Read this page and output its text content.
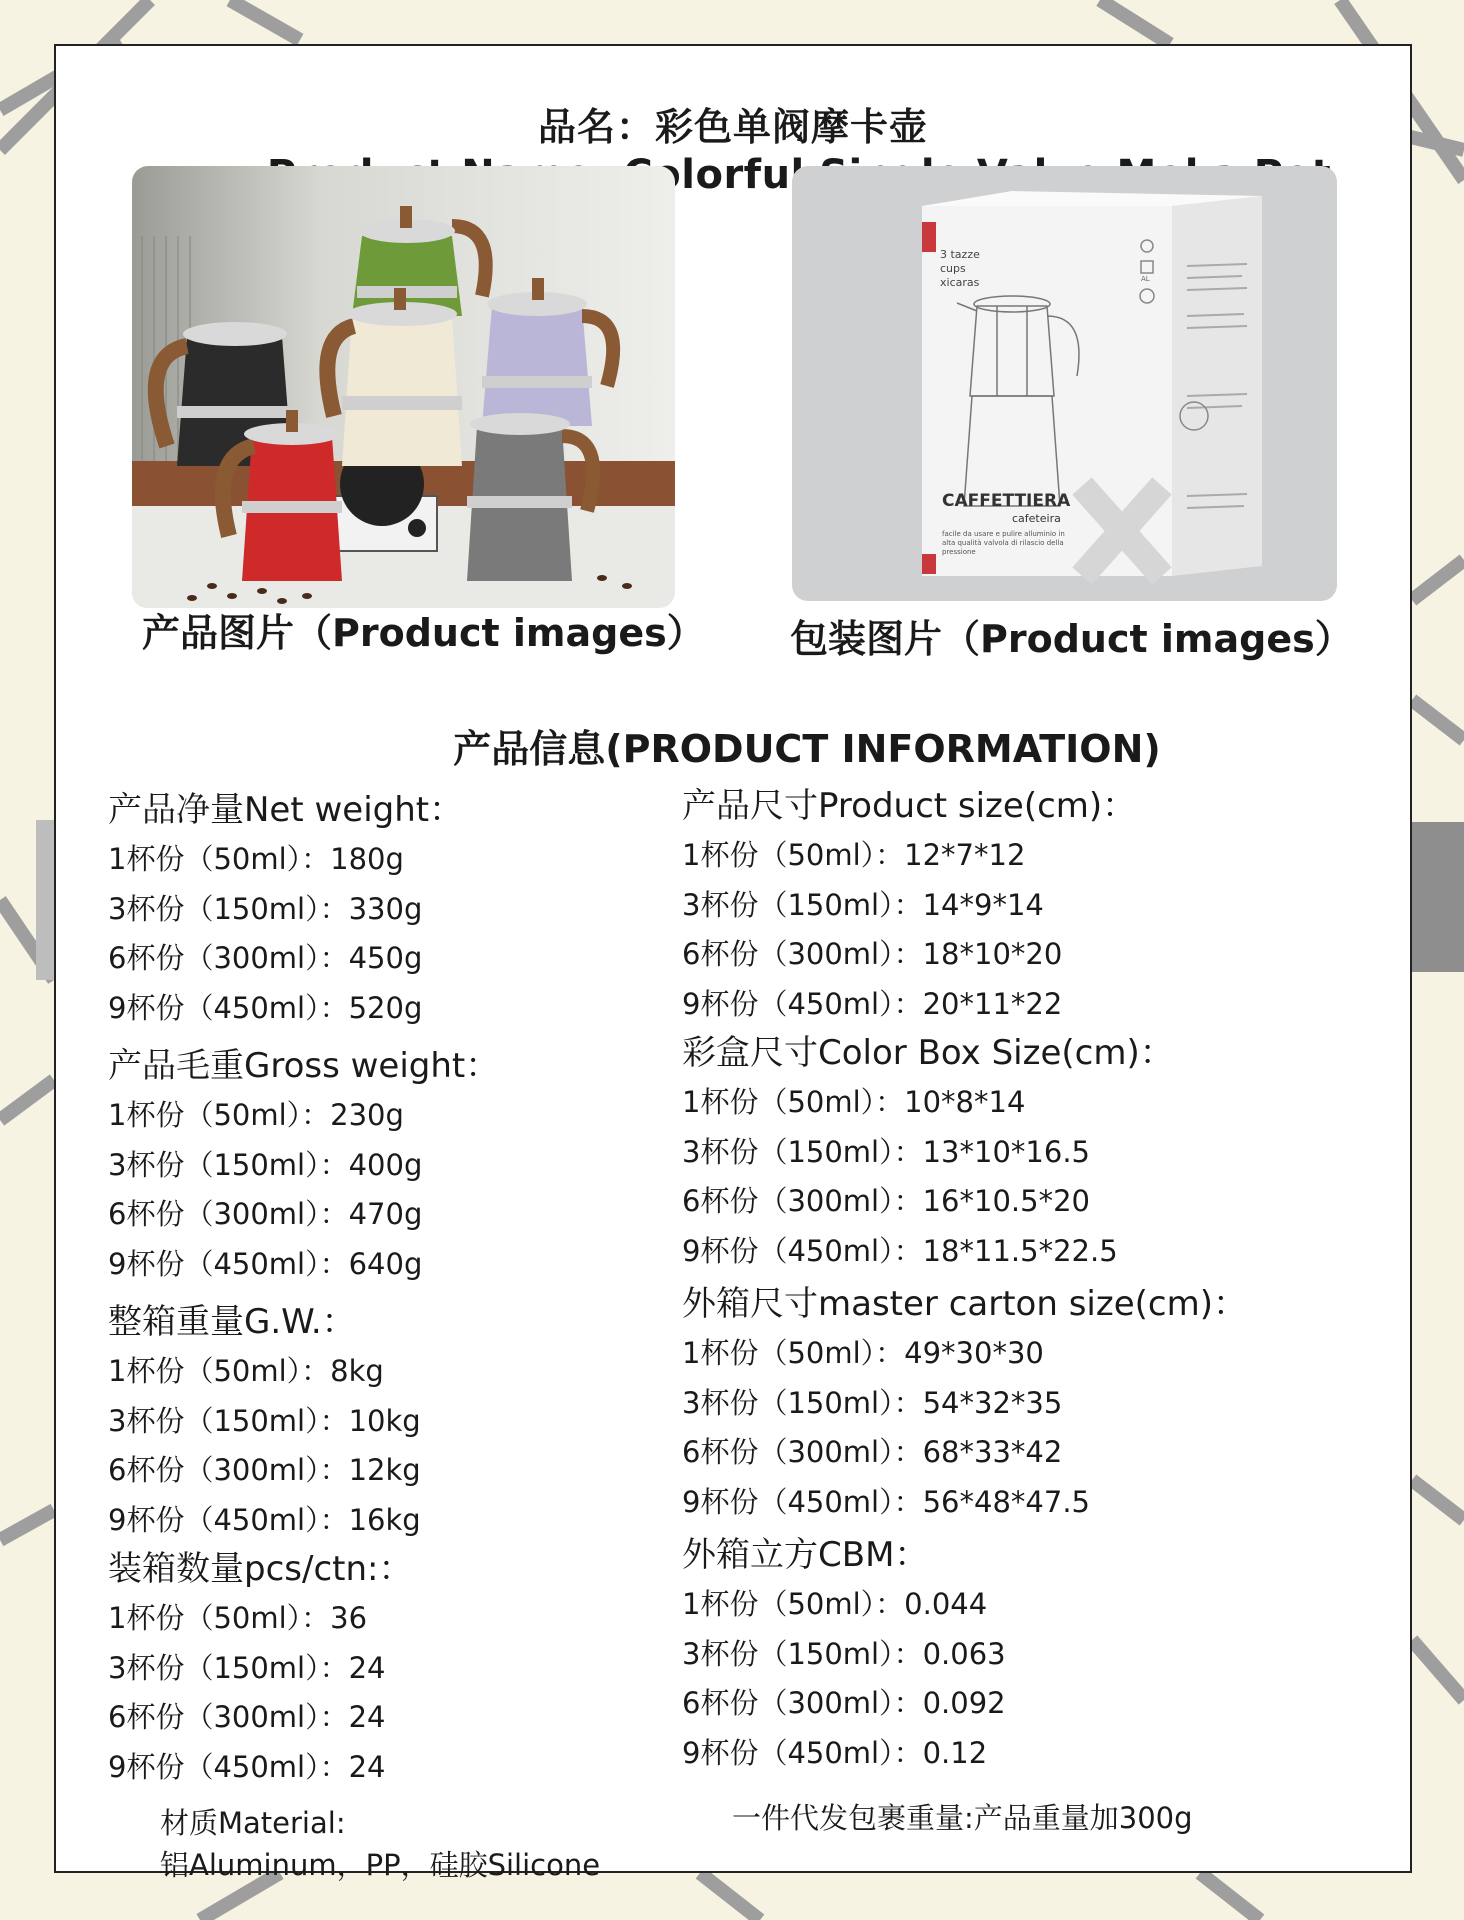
品名：彩色单阀摩卡壶
Colorful
3 tazze
cups
xicaras
CAFFETTIERA
cafeteira
facile da usare e pulire alluminio in
alta qualità valvola di rilascio della
pressione
AL
产品图片（Product images） 包装图片（Product images）
产品信息(PRODUCT INFORMATION)
产品净量Net weight：
1杯份（50ml）：180g
3杯份（150ml）：330g
6杯份（300ml）：450g
9杯份（450ml）：520g
产品毛重Gross weight：
1杯份（50ml）：230g
3杯份（150ml）：400g
6杯份（300ml）：470g
9杯份（450ml）：640g
整箱重量G.W.：
1杯份（50ml）：8kg
3杯份（150ml）：10kg
6杯份（300ml）：12kg
9杯份（450ml）：16kg
装箱数量pcs/ctn:：
1杯份（50ml）：36
3杯份（150ml）：24
6杯份（300ml）：24
9杯份（450ml）：24
产品尺寸Product size(cm)：
1杯份（50ml）：12*7*12
3杯份（150ml）：14*9*14
6杯份（300ml）：18*10*20
9杯份（450ml）：20*11*22
彩盒尺寸Color Box Size(cm)：
1杯份（50ml）：10*8*14
3杯份（150ml）：13*10*16.5
6杯份（300ml）：16*10.5*20
9杯份（450ml）：18*11.5*22.5
外箱尺寸master carton size(cm)：
1杯份（50ml）：49*30*30
3杯份（150ml）：54*32*35
6杯份（300ml）：68*33*42
9杯份（450ml）：56*48*47.5
外箱立方CBM：
1杯份（50ml）：0.044
3杯份（150ml）：0.063
6杯份（300ml）：0.092
9杯份（450ml）：0.12
材质Material:
铝Aluminum，PP，硅胶Silicone
一件代发包裹重量:产品重量加300g
